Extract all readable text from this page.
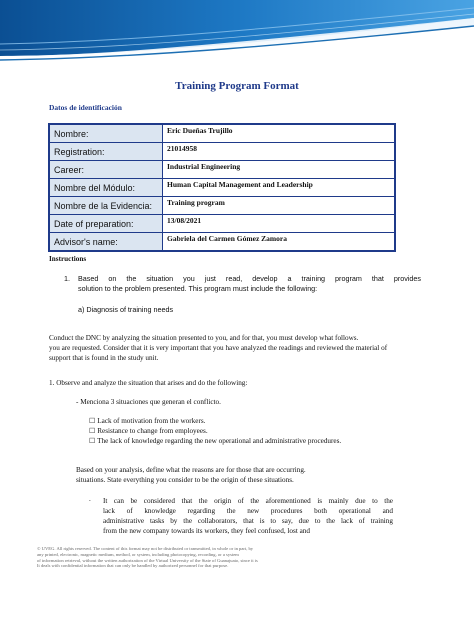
Training Program Format
Datos de identificación
Nombre:	Eric Dueñas Trujillo
Registration:	21014958
Career:	Industrial Engineering
Nombre del Módulo:	Human Capital Management and Leadership
Nombre de la Evidencia:	Training program
Date of preparation:	13/08/2021
Advisor's name:	Gabriela del Carmen Gómez Zamora
Instructions
1. Based on the situation you just read, develop a training program that provides
solution to the problem presented. This program must include the following:
a) Diagnosis of training needs
Conduct the DNC by analyzing the situation presented to you, and for that, you must develop what follows.
you are requested. Consider that it is very important that you have analyzed the readings and reviewed the material of
support that is found in the study unit.
1. Observe and analyze the situation that arises and do the following:
- Menciona 3 situaciones que generan el conflicto.
☐ Lack of motivation from the workers.
☐ Resistance to change from employees.
☐ The lack of knowledge regarding the new operational and administrative procedures.
Based on your analysis, define what the reasons are for those that are occurring.
situations. State everything you consider to be the origin of these situations.
. It can be considered that the origin of the aforementioned is mainly due to the
lack of knowledge regarding the new procedures both operational and
administrative tasks by the collaborators, that is to say, due to the lack of training
from the new company towards its workers, they feel confused, lost and
© UVEG. All rights reserved. The content of this format may not be distributed or transmitted, in whole or in part, by
any printed, electronic, magnetic medium, method, or system, including photocopying, recording, or a system
of information retrieval, without the written authorization of the Virtual University of the State of Guanajuato, since it is
It deals with confidential information that can only be handled by authorized personnel for that purpose.
